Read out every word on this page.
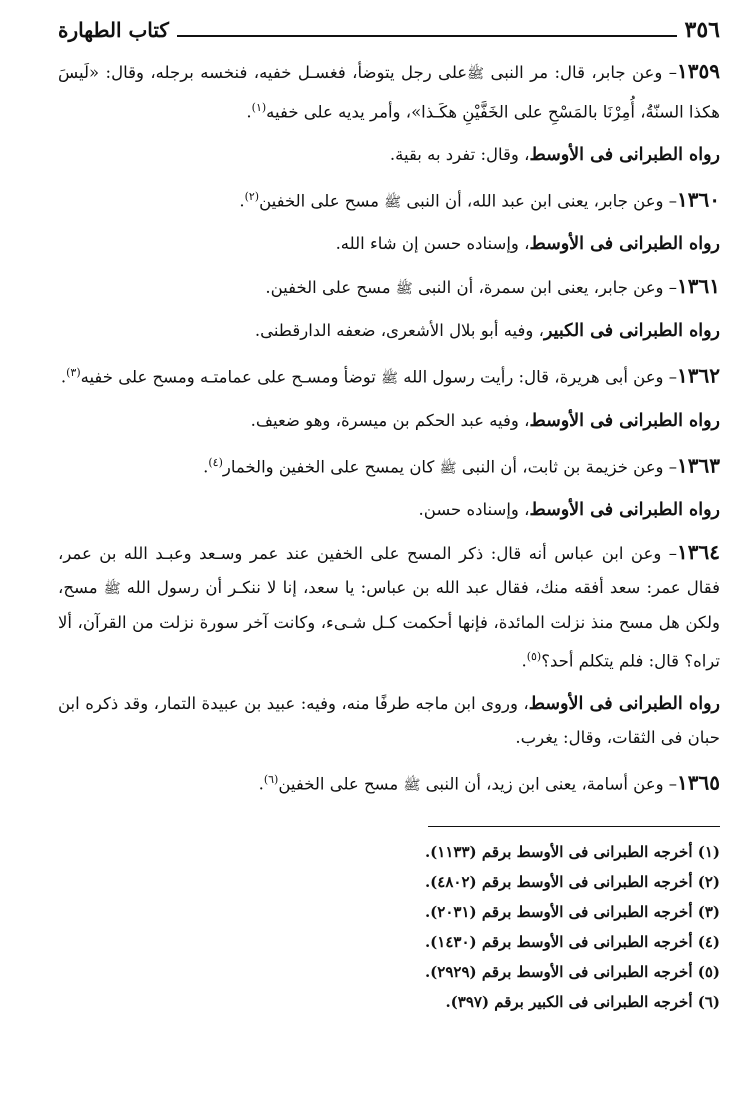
٣٥٦
كتاب الطهارة

١٣٥٩– وعن جابر، قال: مر النبى ﷺعلى رجل يتوضأ، فغسـل خفيه، فنخسه برجله، وقال: «لَيسَ هكذا السنّةُ، أُمِرْنَا بالمَسْحِ على الخَفَّيْنِ هكَـذا»، وأمر يديه على خفيه$^{(١)}$.

رواه الطبرانى فى الأوسط، وقال: تفرد به بقية.

١٣٦٠– وعن جابر، يعنى ابن عبد الله، أن النبى ﷺ مسح على الخفين$^{(٢)}$.

رواه الطبرانى فى الأوسط، وإسناده حسن إن شاء الله.

١٣٦١– وعن جابر، يعنى ابن سمرة، أن النبى ﷺ مسح على الخفين.

رواه الطبرانى فى الكبير، وفيه أبو بلال الأشعرى، ضعفه الدارقطنى.

١٣٦٢– وعن أبى هريرة، قال: رأيت رسول الله ﷺ توضأ ومسـح على عمامتـه ومسح على خفيه$^{(٣)}$.

رواه الطبرانى فى الأوسط، وفيه عبد الحكم بن ميسرة، وهو ضعيف.

١٣٦٣– وعن خزيمة بن ثابت، أن النبى ﷺ كان يمسح على الخفين والخمار$^{(٤)}$.

رواه الطبرانى فى الأوسط، وإسناده حسن.

١٣٦٤– وعن ابن عباس أنه قال: ذكر المسح على الخفين عند عمر وسـعد وعبـد الله بن عمر، فقال عمر: سعد أفقه منك، فقال عبد الله بن عباس: يا سعد، إنا لا ننكـر أن رسول الله ﷺ مسح، ولكن هل مسح منذ نزلت المائدة، فإنها أحكمت كـل شـىء، وكانت آخر سورة نزلت من القرآن، ألا تراه؟ قال: فلم يتكلم أحد؟$^{(٥)}$.

رواه الطبرانى فى الأوسط، وروى ابن ماجه طرفًا منه، وفيه: عبيد بن عبيدة التمار، وقد ذكره ابن حبان فى الثقات، وقال: يغرب.

١٣٦٥– وعن أسامة، يعنى ابن زيد، أن النبى ﷺ مسح على الخفين$^{(٦)}$.

(١) أخرجه الطبرانى فى الأوسط برقم (١١٣٣).
(٢) أخرجه الطبرانى فى الأوسط برقم (٤٨٠٢).
(٣) أخرجه الطبرانى فى الأوسط برقم (٢٠٣١).
(٤) أخرجه الطبرانى فى الأوسط برقم (١٤٣٠).
(٥) أخرجه الطبرانى فى الأوسط برقم (٢٩٢٩).
(٦) أخرجه الطبرانى فى الكبير برقم (٣٩٧).
